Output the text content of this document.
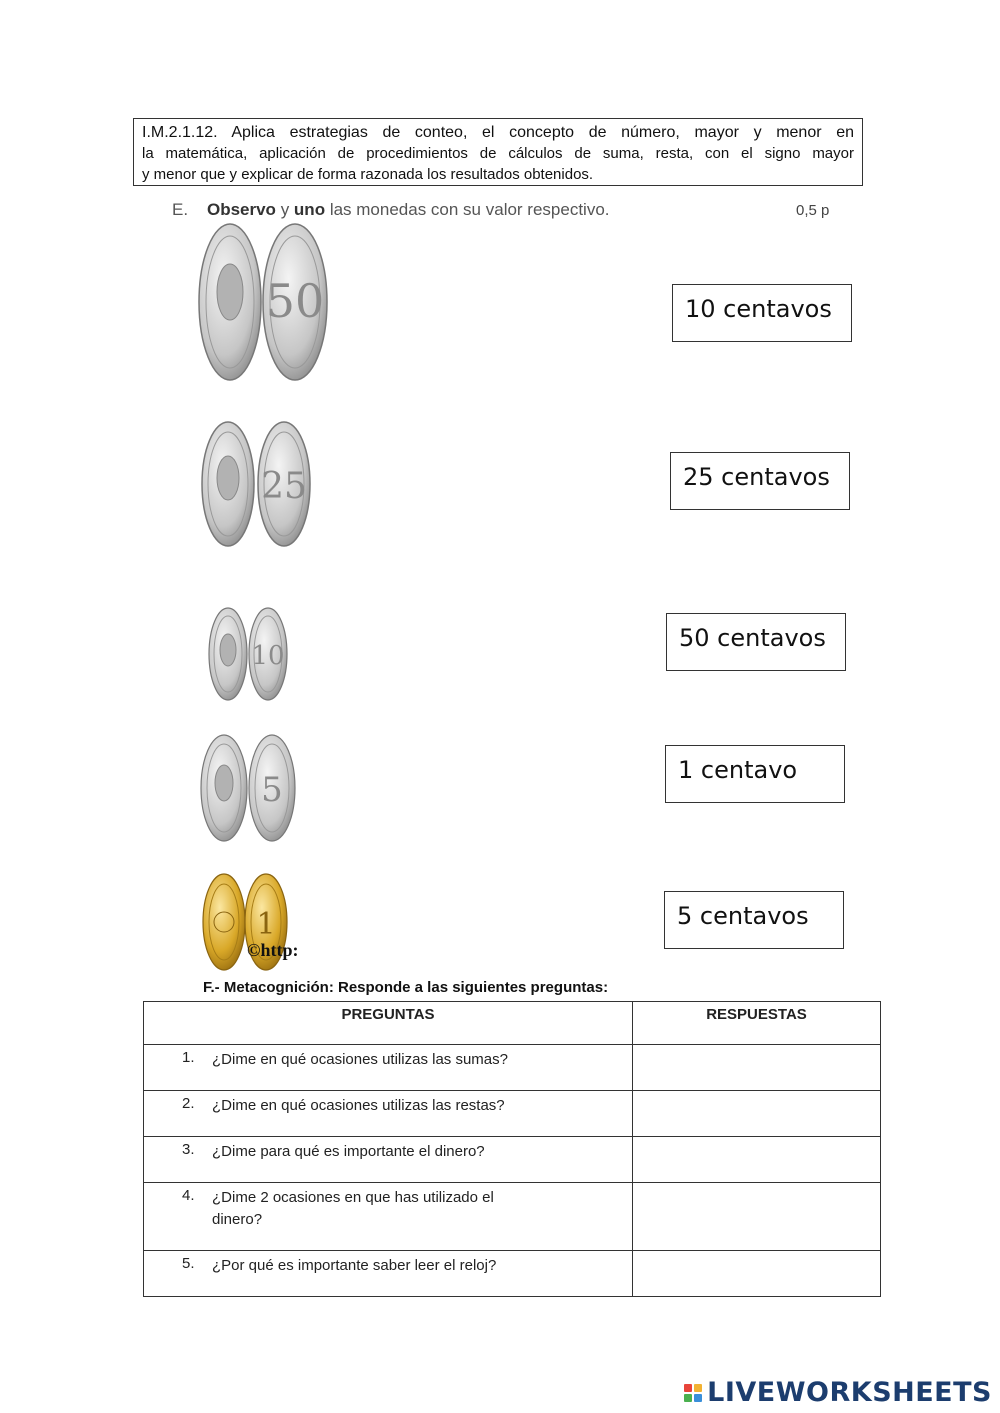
I.M.2.1.12. Aplica estrategias de conteo, el concepto de número, mayor y menor en
la matemática, aplicación de procedimientos de cálculos de suma, resta, con el signo mayor
y menor que y explicar de forma razonada los resultados obtenidos.
E. Observo y uno las monedas con su valor respectivo.	0,5 p
50
25
10
5
1
©http:
10 centavos
25 centavos
50 centavos
1 centavo
5 centavos
F.- Metacognición: Responde a las siguientes preguntas:
PREGUNTAS	RESPUESTAS
1. ¿Dime en qué ocasiones utilizas las sumas?	
2. ¿Dime en qué ocasiones utilizas las restas?	
3. ¿Dime para qué es importante el dinero?	
4. ¿Dime 2 ocasiones en que has utilizado el dinero?	
5. ¿Por qué es importante saber leer el reloj?	
LIVEWORKSHEETS
